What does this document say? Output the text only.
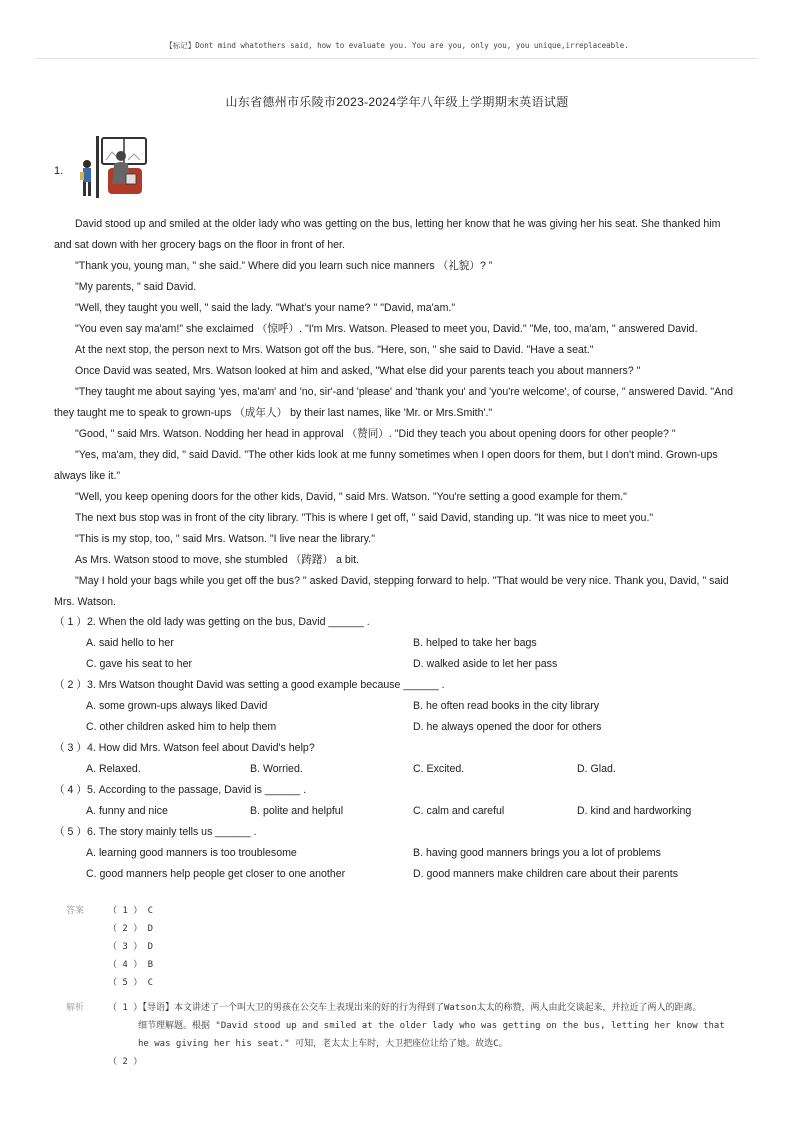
【标记】Dont mind whatothers said, how to evaluate you. You are you, only you, you unique,irreplaceable.
山东省德州市乐陵市2023-2024学年八年级上学期期末英语试题
1.

David stood up and smiled at the older lady who was getting on the bus, letting her know that he was giving her his seat. She thanked him and sat down with her grocery bags on the floor in front of her.

"Thank you, young man, " she said.” Where did you learn such nice manners （礼貌）? ”

"My parents, " said David.

"Well, they taught you well, " said the lady. "What's your name? " "David, ma'am."

"You even say ma'am!" she exclaimed （惊呼）. "I'm Mrs. Watson. Pleased to meet you, David." "Me, too, ma'am, " answered David.

At the next stop, the person next to Mrs. Watson got off the bus. "Here, son, " she said to David. "Have a seat."

Once David was seated, Mrs. Watson looked at him and asked, "What else did your parents teach you about manners? "

"They taught me about saying 'yes, ma'am' and 'no, sir'-and 'please' and 'thank you' and 'you're welcome', of course, " answered David. "And they taught me to speak to grown-ups （成年人） by their last names, like 'Mr. or Mrs.Smith'."

"Good, " said Mrs. Watson. Nodding her head in approval （赞同）. "Did they teach you about opening doors for other people? "

"Yes, ma'am, they did, " said David. "The other kids look at me funny sometimes when I open doors for them, but I don't mind. Grown-ups always like it."

"Well, you keep opening doors for the other kids, David, " said Mrs. Watson. "You're setting a good example for them."

The next bus stop was in front of the city library. "This is where I get off, " said David, standing up. "It was nice to meet you."

"This is my stop, too, " said Mrs. Watson. "I live near the library."

As Mrs. Watson stood to move, she stumbled （踌躇） a bit.

"May I hold your bags while you get off the bus? " asked David, stepping forward to help. "That would be very nice. Thank you, David, " said Mrs. Watson.

（ 1 ）2. When the old lady was getting on the bus, David ______ .

A. said hello to her	B. helped to take her bags
C. gave his seat to her	D. walked aside to let her pass

（ 2 ）3. Mrs Watson thought David was setting a good example because ______ .

A. some grown-ups always liked David	B. he often read books in the city library
C. other children asked him to help them	D. he always opened the door for others

（ 3 ）4. How did Mrs. Watson feel about David's help?

A. Relaxed.	B. Worried.	C. Excited.	D. Glad.

（ 4 ）5. According to the passage, David is ______ .

A. funny and nice	B. polite and helpful	C. calm and careful	D. kind and hardworking

（ 5 ）6. The story mainly tells us ______ .

A. learning good manners is too troublesome	B. having good manners brings you a lot of problems
C. good manners help people get closer to one another	D. good manners make children care about their parents
答案	（ 1 ） C
（ 2 ） D
（ 3 ） D
（ 4 ） B
（ 5 ） C
解析	（ 1 ）
【导语】本文讲述了一个叫大卫的男孩在公交车上表现出来的好的行为得到了Watson太太的称赞，两人由此交谈起来，并拉近了两人的距离。
细节理解题。根据 "David stood up and smiled at the older lady who was getting on the bus, letting her know that he was giving her his seat." 可知，老太太上车时，大卫把座位让给了她。故选C。
（ 2 ）
